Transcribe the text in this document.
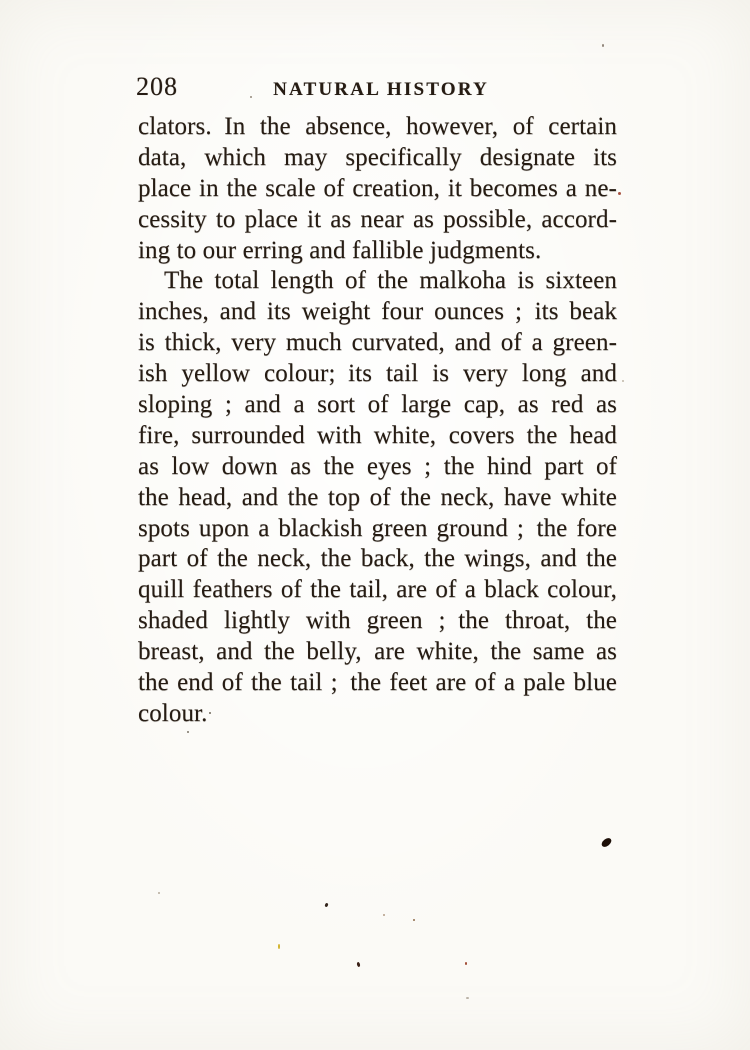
208	NATURAL HISTORY
clators. In the absence, however, of certain
data, which may specifically designate its
place in the scale of creation, it becomes a ne-
cessity to place it as near as possible, accord-
ing to our erring and fallible judgments.
The total length of the malkoha is sixteen
inches, and its weight four ounces ; its beak
is thick, very much curvated, and of a green-
ish yellow colour; its tail is very long and
sloping ; and a sort of large cap, as red as
fire, surrounded with white, covers the head
as low down as the eyes ; the hind part of
the head, and the top of the neck, have white
spots upon a blackish green ground ; the fore
part of the neck, the back, the wings, and the
quill feathers of the tail, are of a black colour,
shaded lightly with green ; the throat, the
breast, and the belly, are white, the same as
the end of the tail ; the feet are of a pale blue
colour.
